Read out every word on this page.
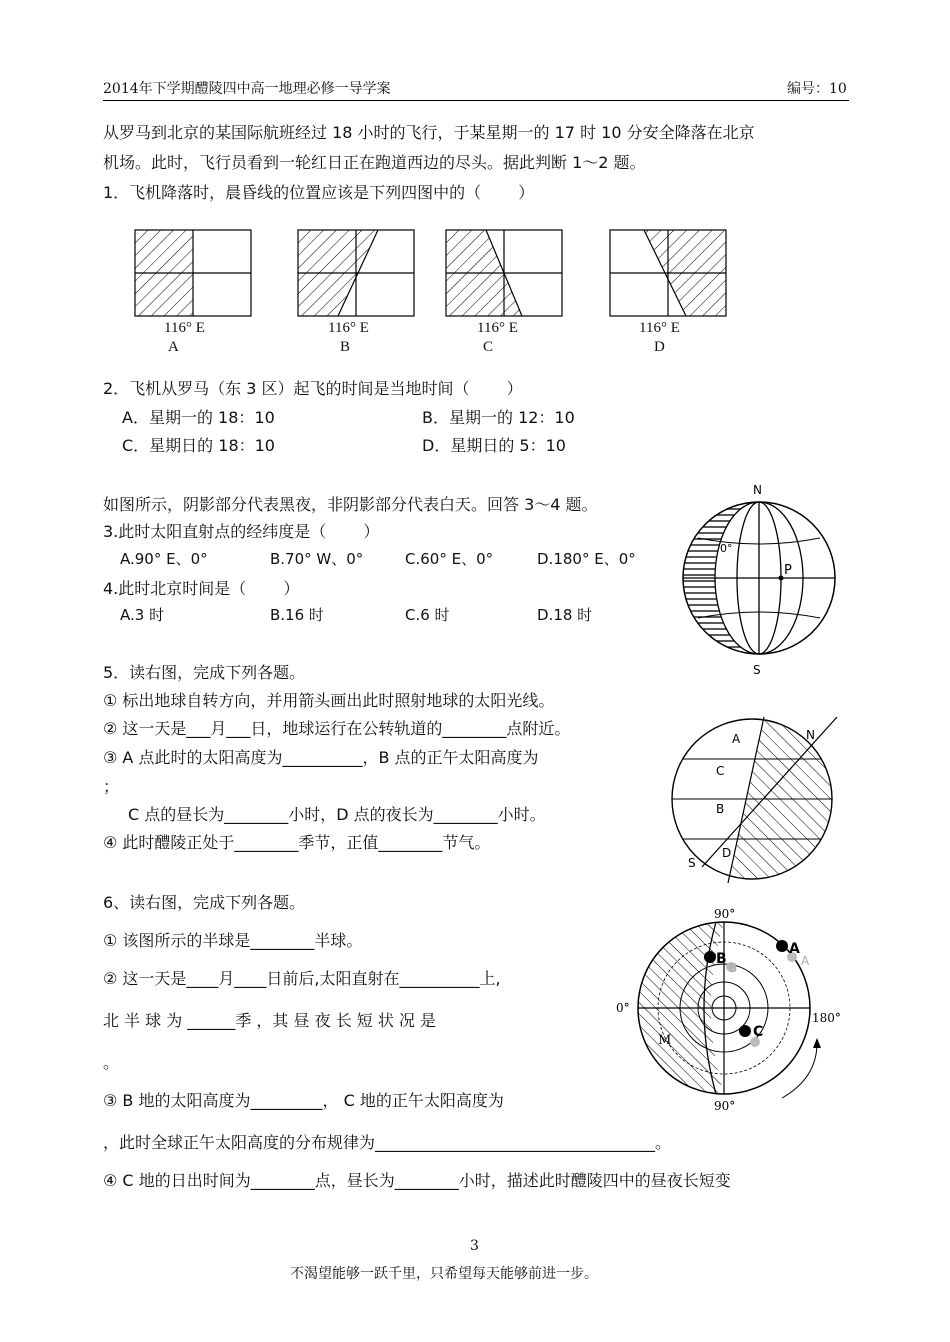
2014年下学期醴陵四中高一地理必修一导学案	编号：10
从罗马到北京的某国际航班经过 18 小时的飞行，于某星期一的 17 时 10 分安全降落在北京
机场。此时，飞行员看到一轮红日正在跑道西边的尽头。据此判断 1～2 题。
1．飞机降落时，晨昏线的位置应该是下列四图中的（　　 ）
116° E	116° E	116° E	116° E
A	B	C	D
2．飞机从罗马（东 3 区）起飞的时间是当地时间（　　 ）
A．星期一的 18：10	B．星期一的 12：10
C．星期日的 18：10	D．星期日的 5：10
如图所示，阴影部分代表黑夜，非阴影部分代表白天。回答 3～4 题。
3.此时太阳直射点的经纬度是（　　 ）
A.90° E、0°	B.70° W、0°	C.60° E、0°	D.180° E、0°
4.此时北京时间是（　　 ）
A.3 时	B.16 时	C.6 时	D.18 时
N
S
0°
P
5．读右图，完成下列各题。
① 标出地球自转方向，并用箭头画出此时照射地球的太阳光线。
② 这一天是___月___日，地球运行在公转轨道的________点附近。
③ A 点此时的太阳高度为__________，B 点的正午太阳高度为
；
C 点的昼长为________小时，D 点的夜长为________小时。
④ 此时醴陵正处于________季节，正值________节气。
A
C
B
D
N
S
6、读右图，完成下列各题。
① 该图所示的半球是________半球。
② 这一天是____月____日前后,太阳直射在__________上,
北 半 球 为 ______季 ，其 昼 夜 长 短 状 况 是
。
③ B 地的太阳高度为_________， C 地的正午太阳高度为
，此时全球正午太阳高度的分布规律为___________________________________。
④ C 地的日出时间为________点，昼长为________小时，描述此时醴陵四中的昼夜长短变
90°
90°
0°
180°
A
A
B
B
C
M
3
不渴望能够一跃千里，只希望每天能够前进一步。
